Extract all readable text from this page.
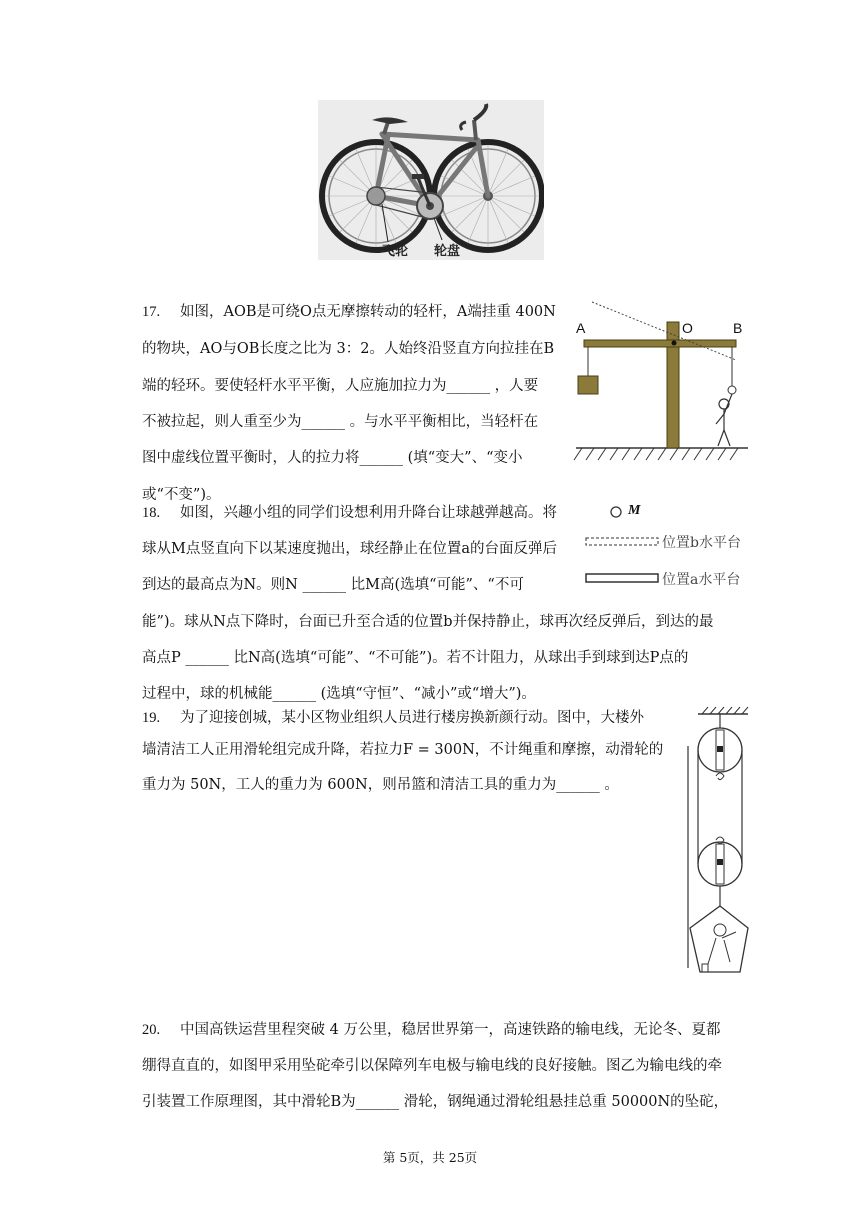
飞轮 轮盘
17. 如图，AOB是可绕O点无摩擦转动的轻杆，A端挂重 400N
的物块，AO与OB长度之比为 3：2。人始终沿竖直方向拉挂在B
端的轻环。要使轻杆水平平衡，人应施加拉力为______ ，人要
不被拉起，则人重至少为______ 。与水平平衡相比，当轻杆在
图中虚线位置平衡时，人的拉力将______ (填“变大”、“变小
或“不变”)。
A	O	B
18. 如图，兴趣小组的同学们设想利用升降台让球越弹越高。将
球从M点竖直向下以某速度抛出，球经静止在位置a的台面反弹后
到达的最高点为N。则N ______ 比M高(选填“可能”、“不可
能”)。球从N点下降时，台面已升至合适的位置b并保持静止，球再次经反弹后，到达的最
高点P ______ 比N高(选填“可能”、“不可能”)。若不计阻力，从球出手到球到达P点的
过程中，球的机械能______ (选填“守恒”、“减小”或“增大”)。
M
位置b水平台
位置a水平台
19. 为了迎接创城，某小区物业组织人员进行楼房换新颜行动。图中，大楼外
墙清洁工人正用滑轮组完成升降，若拉力F = 300N，不计绳重和摩擦，动滑轮的
重力为 50N，工人的重力为 600N，则吊篮和清洁工具的重力为______ 。
20. 中国高铁运营里程突破 4 万公里，稳居世界第一，高速铁路的输电线，无论冬、夏都
绷得直直的，如图甲采用坠砣牵引以保障列车电极与输电线的良好接触。图乙为输电线的牵
引装置工作原理图，其中滑轮B为______ 滑轮，钢绳通过滑轮组悬挂总重 50000N的坠砣，
第 5页，共 25页
